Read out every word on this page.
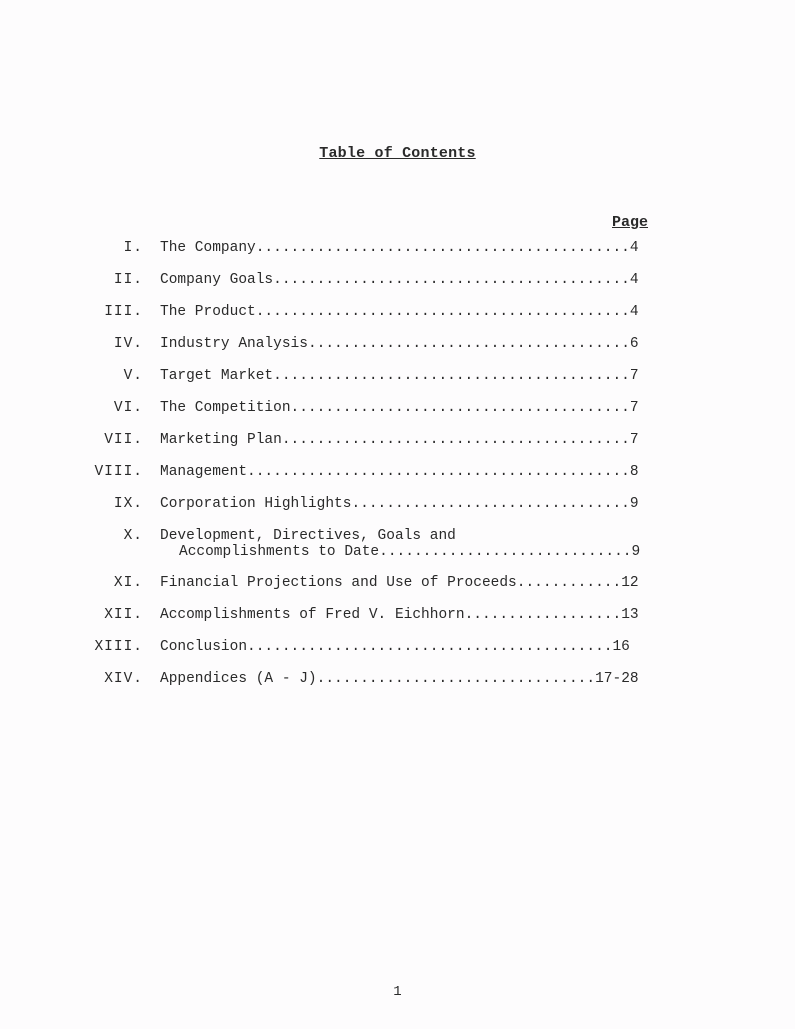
Table of Contents
Page
I. The Company...........................................4
II. Company Goals.........................................4
III. The Product...........................................4
IV. Industry Analysis.....................................6
V. Target Market.........................................7
VI. The Competition.......................................7
VII. Marketing Plan........................................7
VIII. Management............................................8
IX. Corporation Highlights................................9
X. Development, Directives, Goals and
Accomplishments to Date.............................9
XI. Financial Projections and Use of Proceeds............12
XII. Accomplishments of Fred V. Eichhorn..................13
XIII. Conclusion..........................................16
XIV. Appendices (A - J)................................17-28
1
